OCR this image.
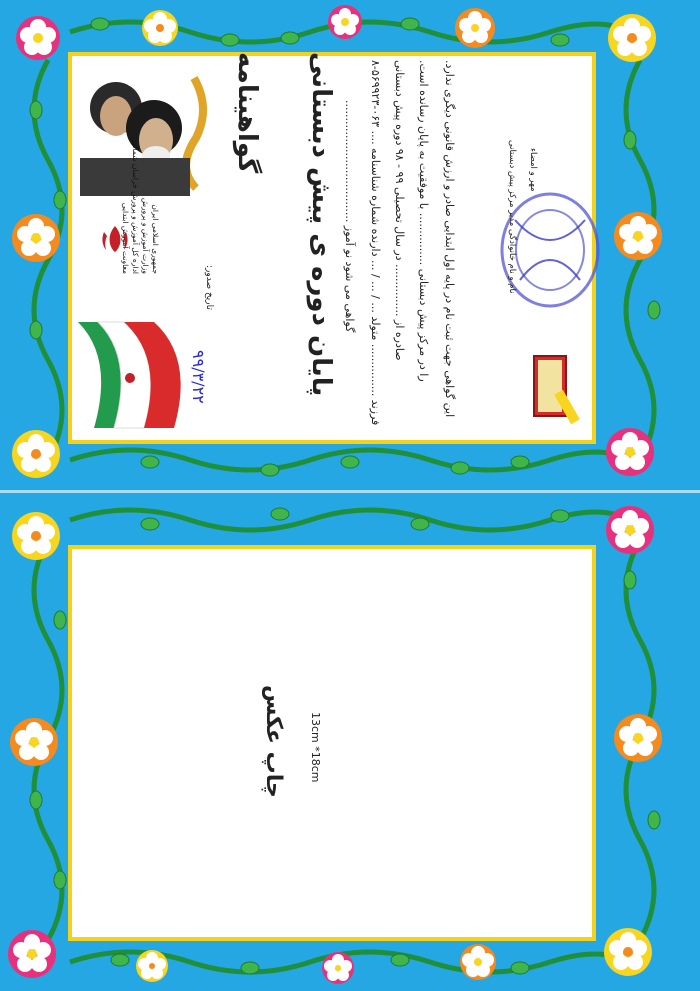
جمهوری اسلامی ایران
وزارت آموزش و پرورش
اداره کل آموزش و پرورش خراسان شمالی
معاونت آموزش ابتدایی
تاریخ صدور:
۹۹/۳/۲۲
گواهینامه پایان دوره ی پیش دبستانی گواهی می شود نو آموز ...................................
فرزند ............... متولد ... / ... / ... دارنده شماره شناسنامه .... ۰۶۳-۵۶۹۹۲۳-۸
صادره از ............... در سال تحصیلی ۹۹ - ۹۸ دوره پیش دبستانی را در مرکز پیش دبستانی ............... با موفقیت به پایان رسانده است. این گواهی جهت ثبت نام در پایه اول ابتدایی صادر و ارزش قانونی دیگری ندارد.	نام و نام خانوادگی مدیر مرکز پیش دبستانی مهر و امضاء
چاپ عکس 13cm *18cm
